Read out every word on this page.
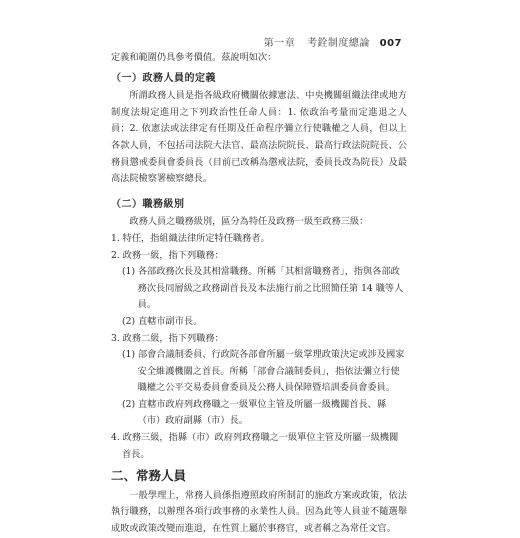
第一章 考銓制度總論 007

定義和範圍仍具參考價值。茲說明如次：

（一）政務人員的定義

所謂政務人員是指各級政府機關依據憲法、中央機關組織法律或地方制度法規定進用之下列政治性任命人員：1. 依政治考量而定進退之人員；2. 依憲法或法律定有任期及任命程序彌立行使職權之人員，但以上各款人員，不包括司法院大法官、最高法院院長、最高行政法院院長、公務員懲戒委員會委員長（目前已改稱為懲戒法院，委員長改為院長）及最高法院檢察署檢察總長。

（二）職務級別

政務人員之職務級別，區分為特任及政務一級至政務三級：

1. 特任，指組織法律所定特任職務者。

2. 政務一級，指下列職務：

(1) 各部政務次長及其相當職務。所稱「其相當職務者」，指與各部政務次長同層級之政務副首長及本法施行前之比照簡任第 14 職等人員。

(2) 直轄市副市長。

3. 政務二級，指下列職務：

(1) 部會合議制委員、行政院各部會所屬一級掌理政策決定或涉及國家安全維護機關之首長。所稱「部會合議制委員」，指依法彌立行使職權之公平交易委員會委員及公務人員保障暨培訓委員會委員。

(2) 直轄市政府列政務職之一級單位主管及所屬一級機關首長、縣（市）政府副縣（市）長。

4. 政務三級，指縣（市）政府列政務職之一級單位主管及所屬一級機關首長。

二、常務人員

一般學理上，常務人員係指遵照政府所制訂的施政方案或政策，依法執行職務，以辦理各項行政事務的永業性人員。因為此等人員並不隨選舉成敗或政策改變而進退，在性質上屬於事務官，或者稱之為常任文官。
